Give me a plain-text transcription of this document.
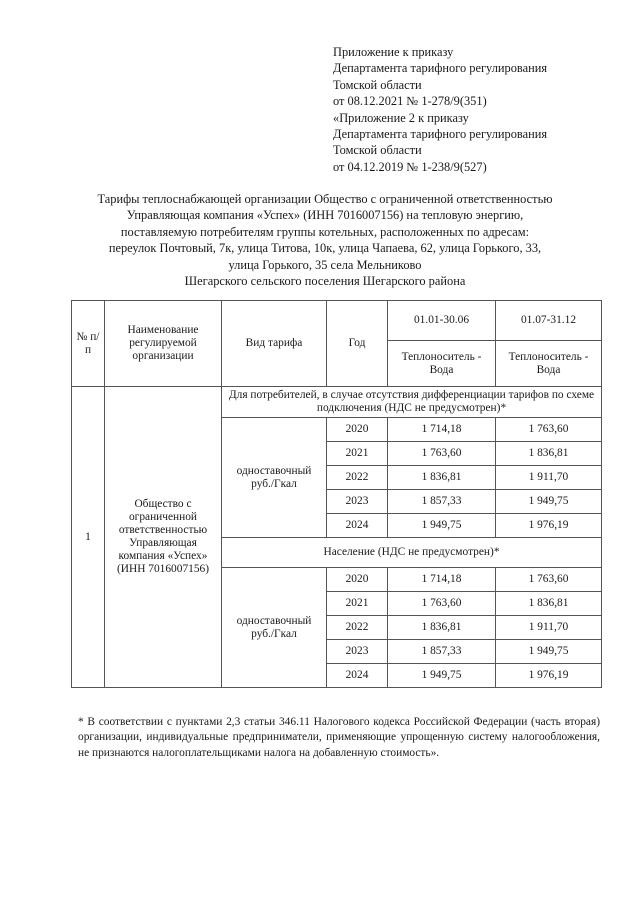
Приложение к приказу
Департамента тарифного регулирования
Томской области
от 08.12.2021 № 1-278/9(351)
«Приложение 2 к приказу
Департамента тарифного регулирования
Томской области
от 04.12.2019 № 1-238/9(527)
Тарифы теплоснабжающей организации Общество с ограниченной ответственностью
Управляющая компания «Успех» (ИНН 7016007156) на тепловую энергию,
поставляемую потребителям группы котельных, расположенных по адресам:
переулок Почтовый, 7к, улица Титова, 10к, улица Чапаева, 62, улица Горького, 33,
улица Горького, 35 села Мельниково
Шегарского сельского поселения Шегарского района
№ п/п	Наименование регулируемой организации	Вид тарифа	Год	01.01-30.06	01.07-31.12
				Теплоноситель - Вода	Теплоноситель - Вода
1	Общество с ограниченной ответственностью Управляющая компания «Успех» (ИНН 7016007156)	Для потребителей, в случае отсутствия дифференциации тарифов по схеме подключения (НДС не предусмотрен)*			
		одноставочный руб./Гкал	2020	1 714,18	1 763,60
			2021	1 763,60	1 836,81
			2022	1 836,81	1 911,70
			2023	1 857,33	1 949,75
			2024	1 949,75	1 976,19
		Население (НДС не предусмотрен)*			
		одноставочный руб./Гкал	2020	1 714,18	1 763,60
			2021	1 763,60	1 836,81
			2022	1 836,81	1 911,70
			2023	1 857,33	1 949,75
			2024	1 949,75	1 976,19
* В соответствии с пунктами 2,3 статьи 346.11 Налогового кодекса Российской Федерации (часть вторая) организации, индивидуальные предприниматели, применяющие упрощенную систему налогообложения, не признаются налогоплательщиками налога на добавленную стоимость».
